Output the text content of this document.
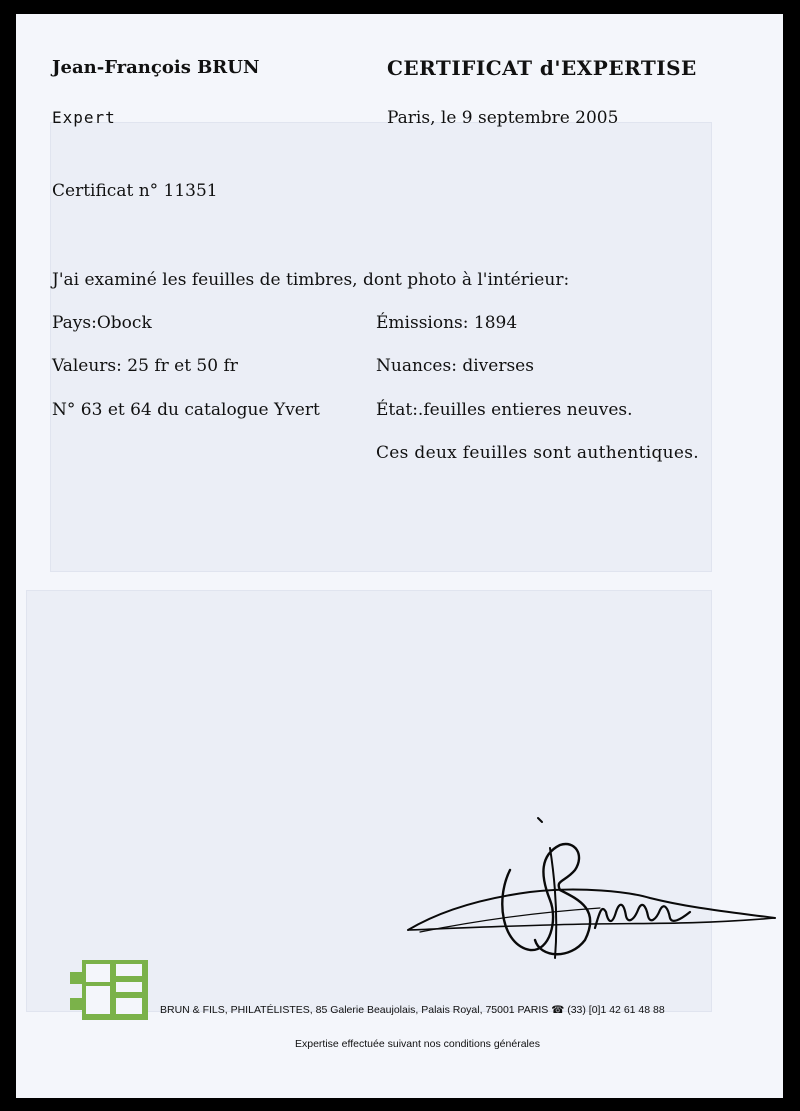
Jean-François BRUN	CERTIFICAT d'EXPERTISE
Expert	Paris, le 9 septembre 2005
Certificat n° 11351
J'ai examiné les feuilles de timbres, dont photo à l'intérieur:
Pays:Obock
Valeurs: 25 fr et 50 fr
N° 63 et 64 du catalogue Yvert
Émissions: 1894
Nuances: diverses
État:.feuilles entieres neuves.
Ces deux feuilles sont authentiques.
BRUN & FILS, PHILATÉLISTES, 85 Galerie Beaujolais, Palais Royal, 75001 PARIS ☎ (33) [0]1 42 61 48 88
Expertise effectuée suivant nos conditions générales
